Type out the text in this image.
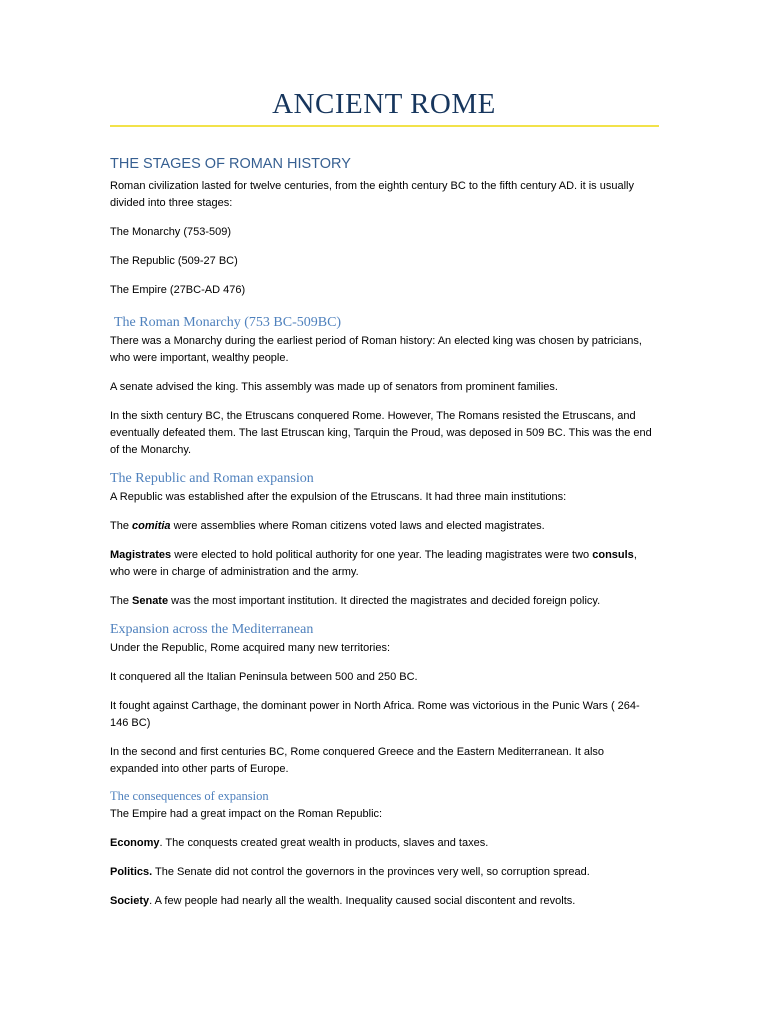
ANCIENT ROME
THE STAGES OF ROMAN HISTORY

Roman civilization lasted for twelve centuries, from the eighth century BC to the fifth century AD. it is usually divided into three stages:

The Monarchy (753-509)

The Republic (509-27 BC)

The Empire (27BC-AD 476)

The Roman Monarchy (753 BC-509BC)

There was a Monarchy during the earliest period of Roman history: An elected king was chosen by patricians, who were important, wealthy people.

A senate advised the king. This assembly was made up of senators from prominent families.

In the sixth century BC, the Etruscans conquered Rome. However, The Romans resisted the Etruscans, and eventually defeated them. The last Etruscan king, Tarquin the Proud, was deposed in 509 BC. This was the end of the Monarchy.

The Republic and Roman expansion

A Republic was established after the expulsion of the Etruscans. It had three main institutions:

The comitia were assemblies where Roman citizens voted laws and elected magistrates.

Magistrates were elected to hold political authority for one year. The leading magistrates were two consuls, who were in charge of administration and the army.

The Senate was the most important institution. It directed the magistrates and decided foreign policy.

Expansion across the Mediterranean

Under the Republic, Rome acquired many new territories:

It conquered all the Italian Peninsula between 500 and 250 BC.

It fought against Carthage, the dominant power in North Africa. Rome was victorious in the Punic Wars ( 264-146 BC)

In the second and first centuries BC, Rome conquered Greece and the Eastern Mediterranean. It also expanded into other parts of Europe.

The consequences of expansion

The Empire had a great impact on the Roman Republic:

Economy. The conquests created great wealth in products, slaves and taxes.

Politics. The Senate did not control the governors in the provinces very well, so corruption spread.

Society. A few people had nearly all the wealth. Inequality caused social discontent and revolts.
